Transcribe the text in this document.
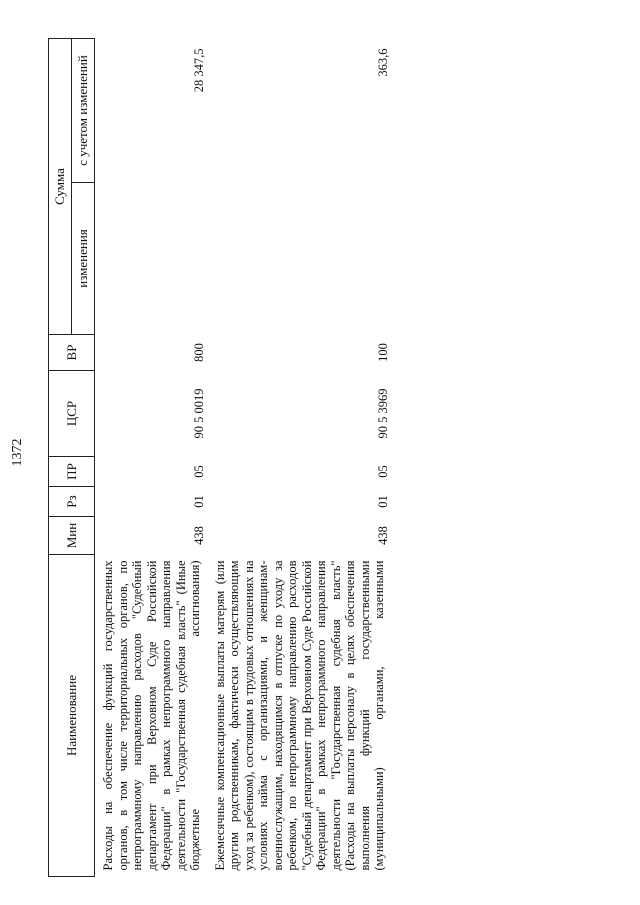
1372
Наименование	Мин	Рз	ПР	ЦСР	ВР	Сумма	
						изменения	с учетом изменений
Расходы на обеспечение функций государственных органов, в том числе территориальных органов, по непрограммному направлению расходов "Судебный департамент при Верховном Суде Российской Федерации" в рамках непрограммного направления деятельности "Государственная судебная власть" (Иные бюджетные ассигнования)	438	01	05	90 5 0019	800		28 347,5
Ежемесячные компенсационные выплаты матерям (или другим родственникам, фактически осуществляющим уход за ребенком), состоящим в трудовых отношениях на условиях найма с организациями, и женщинам-военнослужащим, находящимся в отпуске по уходу за ребенком, по непрограммному направлению расходов "Судебный департамент при Верховном Суде Российской Федерации" в рамках непрограммного направления деятельности "Государственная судебная власть" (Расходы на выплаты персоналу в целях обеспечения выполнения функций государственными (муниципальными) органами, казенными	438	01	05	90 5 3969	100		363,6
